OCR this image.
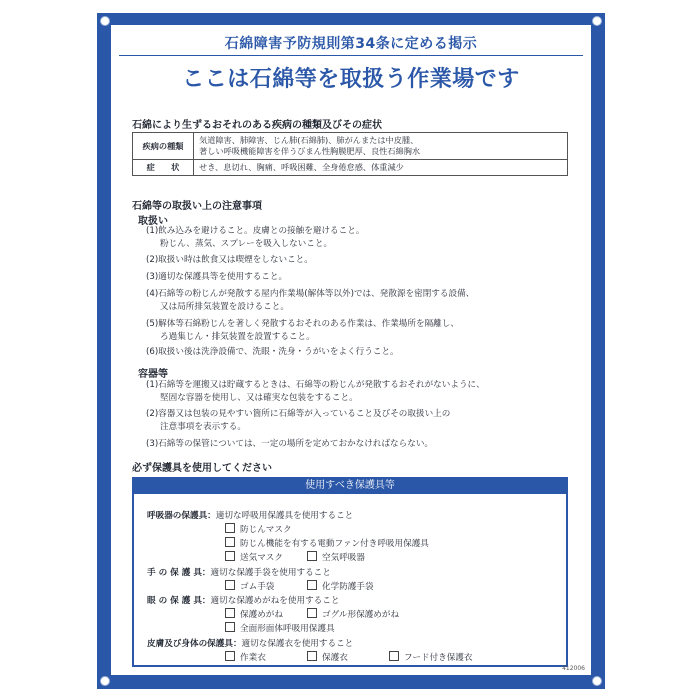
石綿障害予防規則第34条に定める掲示
ここは石綿等を取扱う作業場です
石綿により生ずるおそれのある疾病の種類及びその症状
疾病の種類	気道障害、肺障害、じん肺(石綿肺)、肺がんまたは中皮腫、
著しい呼吸機能障害を伴うびまん性胸膜肥厚、良性石綿胸水

症　　状	せき、息切れ、胸痛、呼吸困難、全身倦怠感、体重減少
石綿等の取扱い上の注意事項
取扱い
(1)飲み込みを避けること。皮膚との接触を避けること。
粉じん、蒸気、スプレーを吸入しないこと。
(2)取扱い時は飲食又は喫煙をしないこと。
(3)適切な保護具等を使用すること。
(4)石綿等の粉じんが発散する屋内作業場(解体等以外)では、発散源を密閉する設備、
又は局所排気装置を設けること。
(5)解体等石綿粉じんを著しく発散するおそれのある作業は、作業場所を隔離し、
ろ過集じん・排気装置を設置すること。
(6)取扱い後は洗浄設備で、洗眼・洗身・うがいをよく行うこと。
容器等
(1)石綿等を運搬又は貯蔵するときは、石綿等の粉じんが発散するおそれがないように、
堅固な容器を使用し、又は確実な包装をすること。
(2)容器又は包装の見やすい箇所に石綿等が入っていること及びその取扱い上の
注意事項を表示する。
(3)石綿等の保管については、一定の場所を定めておかなければならない。
必ず保護具を使用してください
使用すべき保護具等
呼吸器の保護具：適切な呼吸用保護具を使用すること
防じんマスク
防じん機能を有する電動ファン付き呼吸用保護具
送気マスク	空気呼吸器
手 の 保 護 具：適切な保護手袋を使用すること
ゴム手袋	化学防護手袋
眼 の 保 護 具：適切な保護めがねを使用すること
保護めがね	ゴグル形保護めがね
全面形面体呼吸用保護具
皮膚及び身体の保護具：適切な保護衣を使用すること
作業衣	保護衣	フード付き保護衣
412006
